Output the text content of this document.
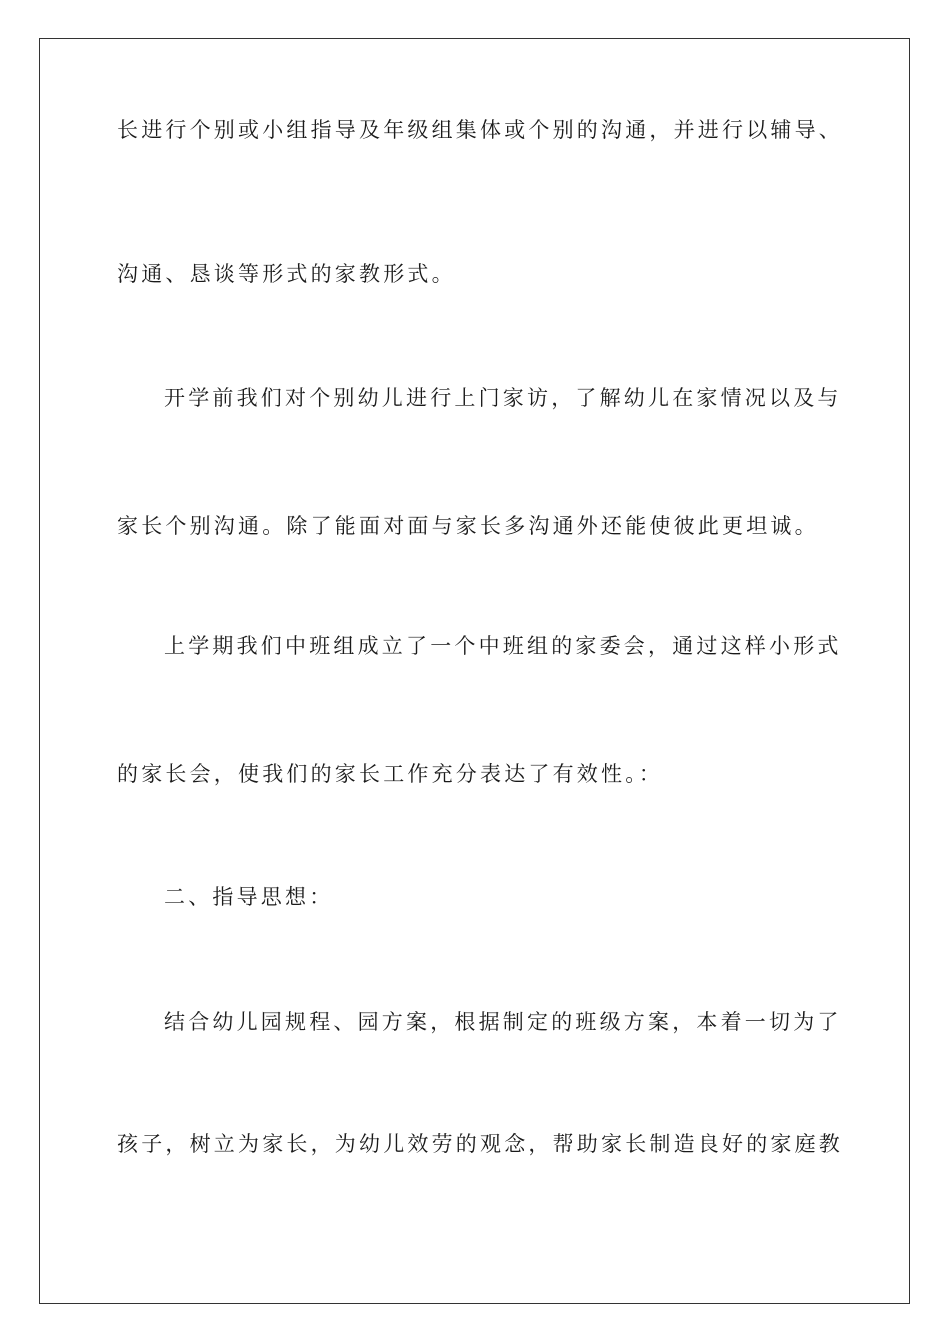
长进行个别或小组指导及年级组集体或个别的沟通，并进行以辅导、
沟通、恳谈等形式的家教形式。
开学前我们对个别幼儿进行上门家访，了解幼儿在家情况以及与
家长个别沟通。除了能面对面与家长多沟通外还能使彼此更坦诚。
上学期我们中班组成立了一个中班组的家委会，通过这样小形式
的家长会，使我们的家长工作充分表达了有效性。：
二、指导思想：
结合幼儿园规程、园方案，根据制定的班级方案，本着一切为了
孩子，树立为家长，为幼儿效劳的观念，帮助家长制造良好的家庭教
